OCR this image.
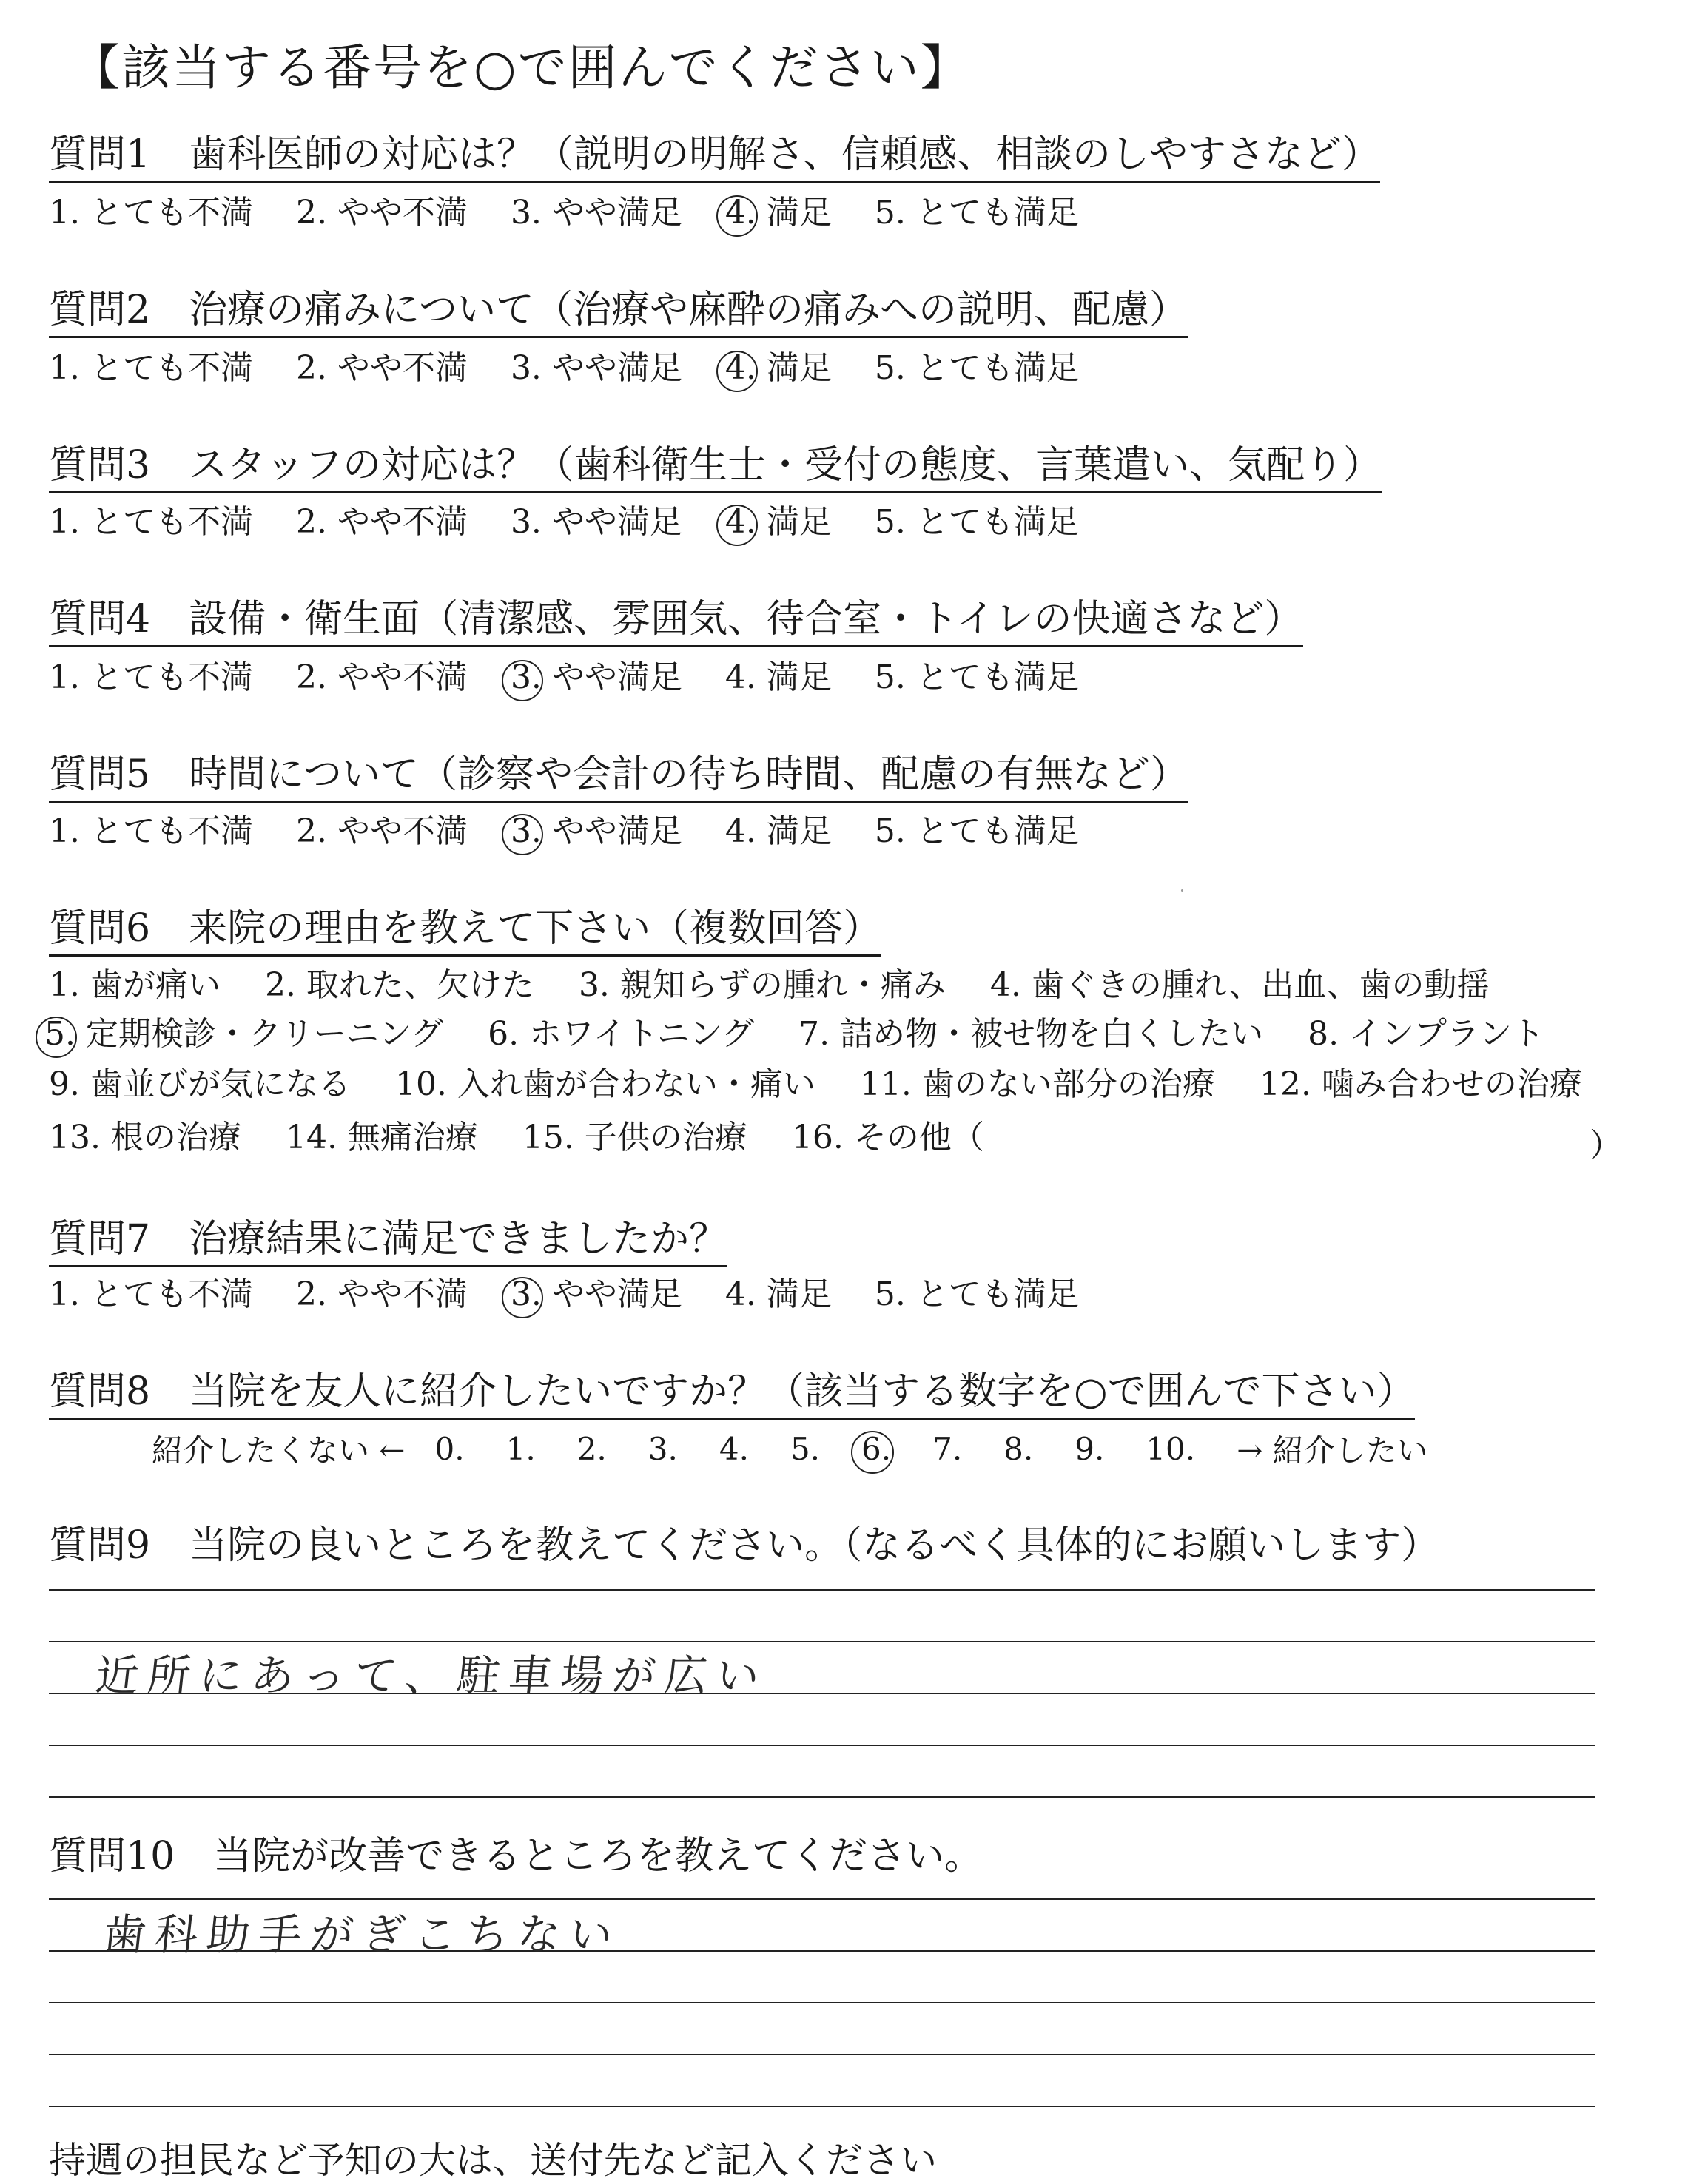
【該当する番号を○で囲んでください】
質問1　歯科医師の対応は？（説明の明解さ、信頼感、相談のしやすさなど）
1. とても不満 2. やや不満 3. やや満足 4. 満足 5. とても満足
質問2　治療の痛みについて（治療や麻酔の痛みへの説明、配慮）
1. とても不満 2. やや不満 3. やや満足 4. 満足 5. とても満足
質問3　スタッフの対応は？（歯科衛生士・受付の態度、言葉遣い、気配り）
1. とても不満 2. やや不満 3. やや満足 4. 満足 5. とても満足
質問4　設備・衛生面（清潔感、雰囲気、待合室・トイレの快適さなど）
1. とても不満 2. やや不満 3. やや満足 4. 満足 5. とても満足
質問5　時間について（診察や会計の待ち時間、配慮の有無など）
1. とても不満 2. やや不満 3. やや満足 4. 満足 5. とても満足
質問6　来院の理由を教えて下さい（複数回答）
1. 歯が痛い 2. 取れた、欠けた 3. 親知らずの腫れ・痛み 4. 歯ぐきの腫れ、出血、歯の動揺
5. 定期検診・クリーニング 6. ホワイトニング 7. 詰め物・被せ物を白くしたい 8. インプラント
9. 歯並びが気になる 10. 入れ歯が合わない・痛い 11. 歯のない部分の治療 12. 噛み合わせの治療
13. 根の治療 14. 無痛治療 15. 子供の治療 16. その他（	）
質問7　治療結果に満足できましたか？
1. とても不満 2. やや不満 3. やや満足 4. 満足 5. とても満足
質問8　当院を友人に紹介したいですか？（該当する数字を○で囲んで下さい）
紹介したくない ← 0. 1. 2. 3. 4. 5. 6. 7. 8. 9. 10. → 紹介したい
質問9　当院の良いところを教えてください。（なるべく具体的にお願いします）
近所にあって、駐車場が広い
質問10　当院が改善できるところを教えてください。
歯科助手がぎこちない
持週の担民など予知の大は、送付先など記入ください
